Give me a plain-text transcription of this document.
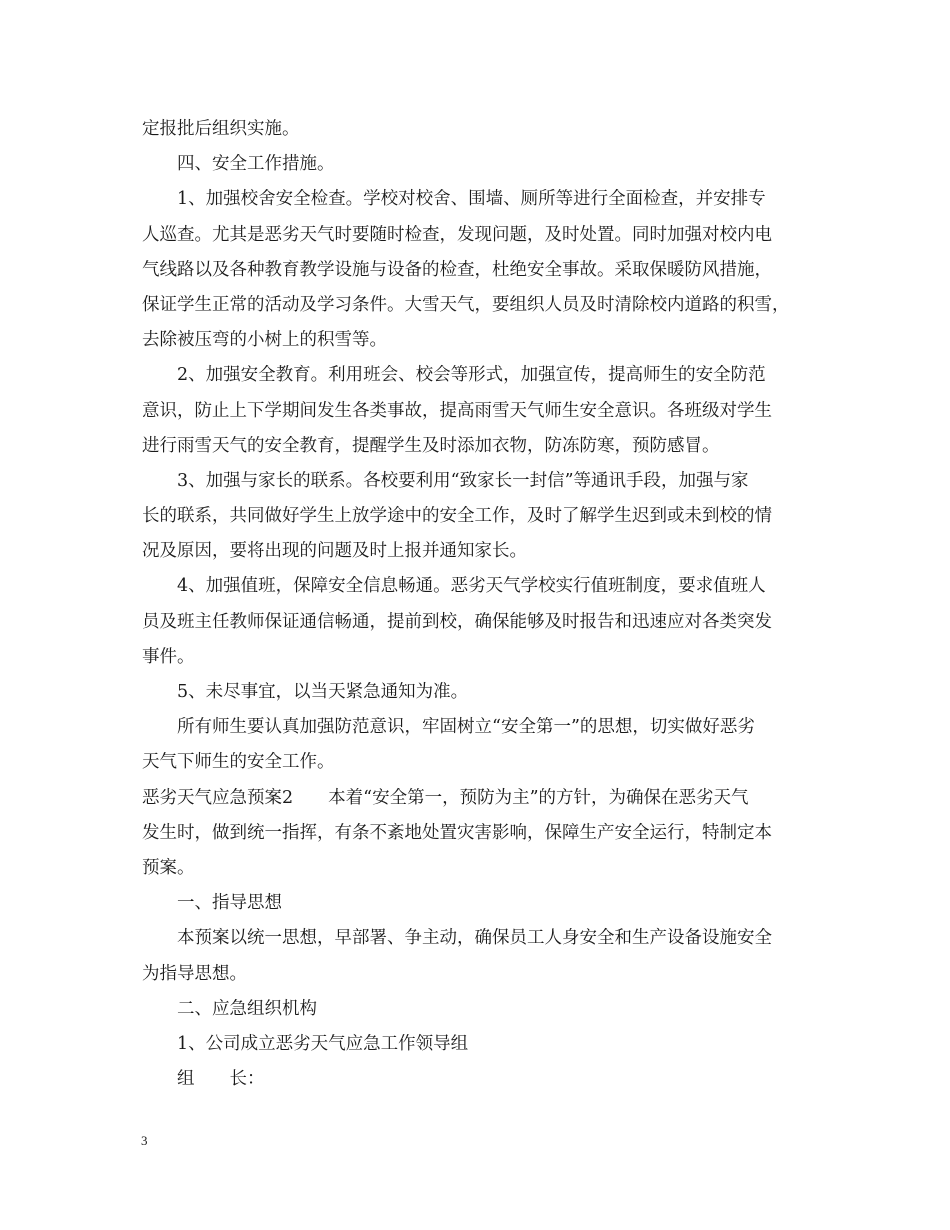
定报批后组织实施。
四、安全工作措施。
1、加强校舍安全检查。学校对校舍、围墙、厕所等进行全面检查，并安排专
人巡查。尤其是恶劣天气时要随时检查，发现问题，及时处置。同时加强对校内电
气线路以及各种教育教学设施与设备的检查，杜绝安全事故。采取保暖防风措施，
保证学生正常的活动及学习条件。大雪天气，要组织人员及时清除校内道路的积雪，
去除被压弯的小树上的积雪等。
2、加强安全教育。利用班会、校会等形式，加强宣传，提高师生的安全防范
意识，防止上下学期间发生各类事故，提高雨雪天气师生安全意识。各班级对学生
进行雨雪天气的安全教育，提醒学生及时添加衣物，防冻防寒，预防感冒。
3、加强与家长的联系。各校要利用“致家长一封信”等通讯手段，加强与家
长的联系，共同做好学生上放学途中的安全工作，及时了解学生迟到或未到校的情
况及原因，要将出现的问题及时上报并通知家长。
4、加强值班，保障安全信息畅通。恶劣天气学校实行值班制度，要求值班人
员及班主任教师保证通信畅通，提前到校，确保能够及时报告和迅速应对各类突发
事件。
5、未尽事宜，以当天紧急通知为准。
所有师生要认真加强防范意识，牢固树立“安全第一”的思想，切实做好恶劣
天气下师生的安全工作。
恶劣天气应急预案2　　本着“安全第一，预防为主”的方针，为确保在恶劣天气
发生时，做到统一指挥，有条不紊地处置灾害影响，保障生产安全运行，特制定本
预案。
一、指导思想
本预案以统一思想，早部署、争主动，确保员工人身安全和生产设备设施安全
为指导思想。
二、应急组织机构
1、公司成立恶劣天气应急工作领导组
组　　长：
3
